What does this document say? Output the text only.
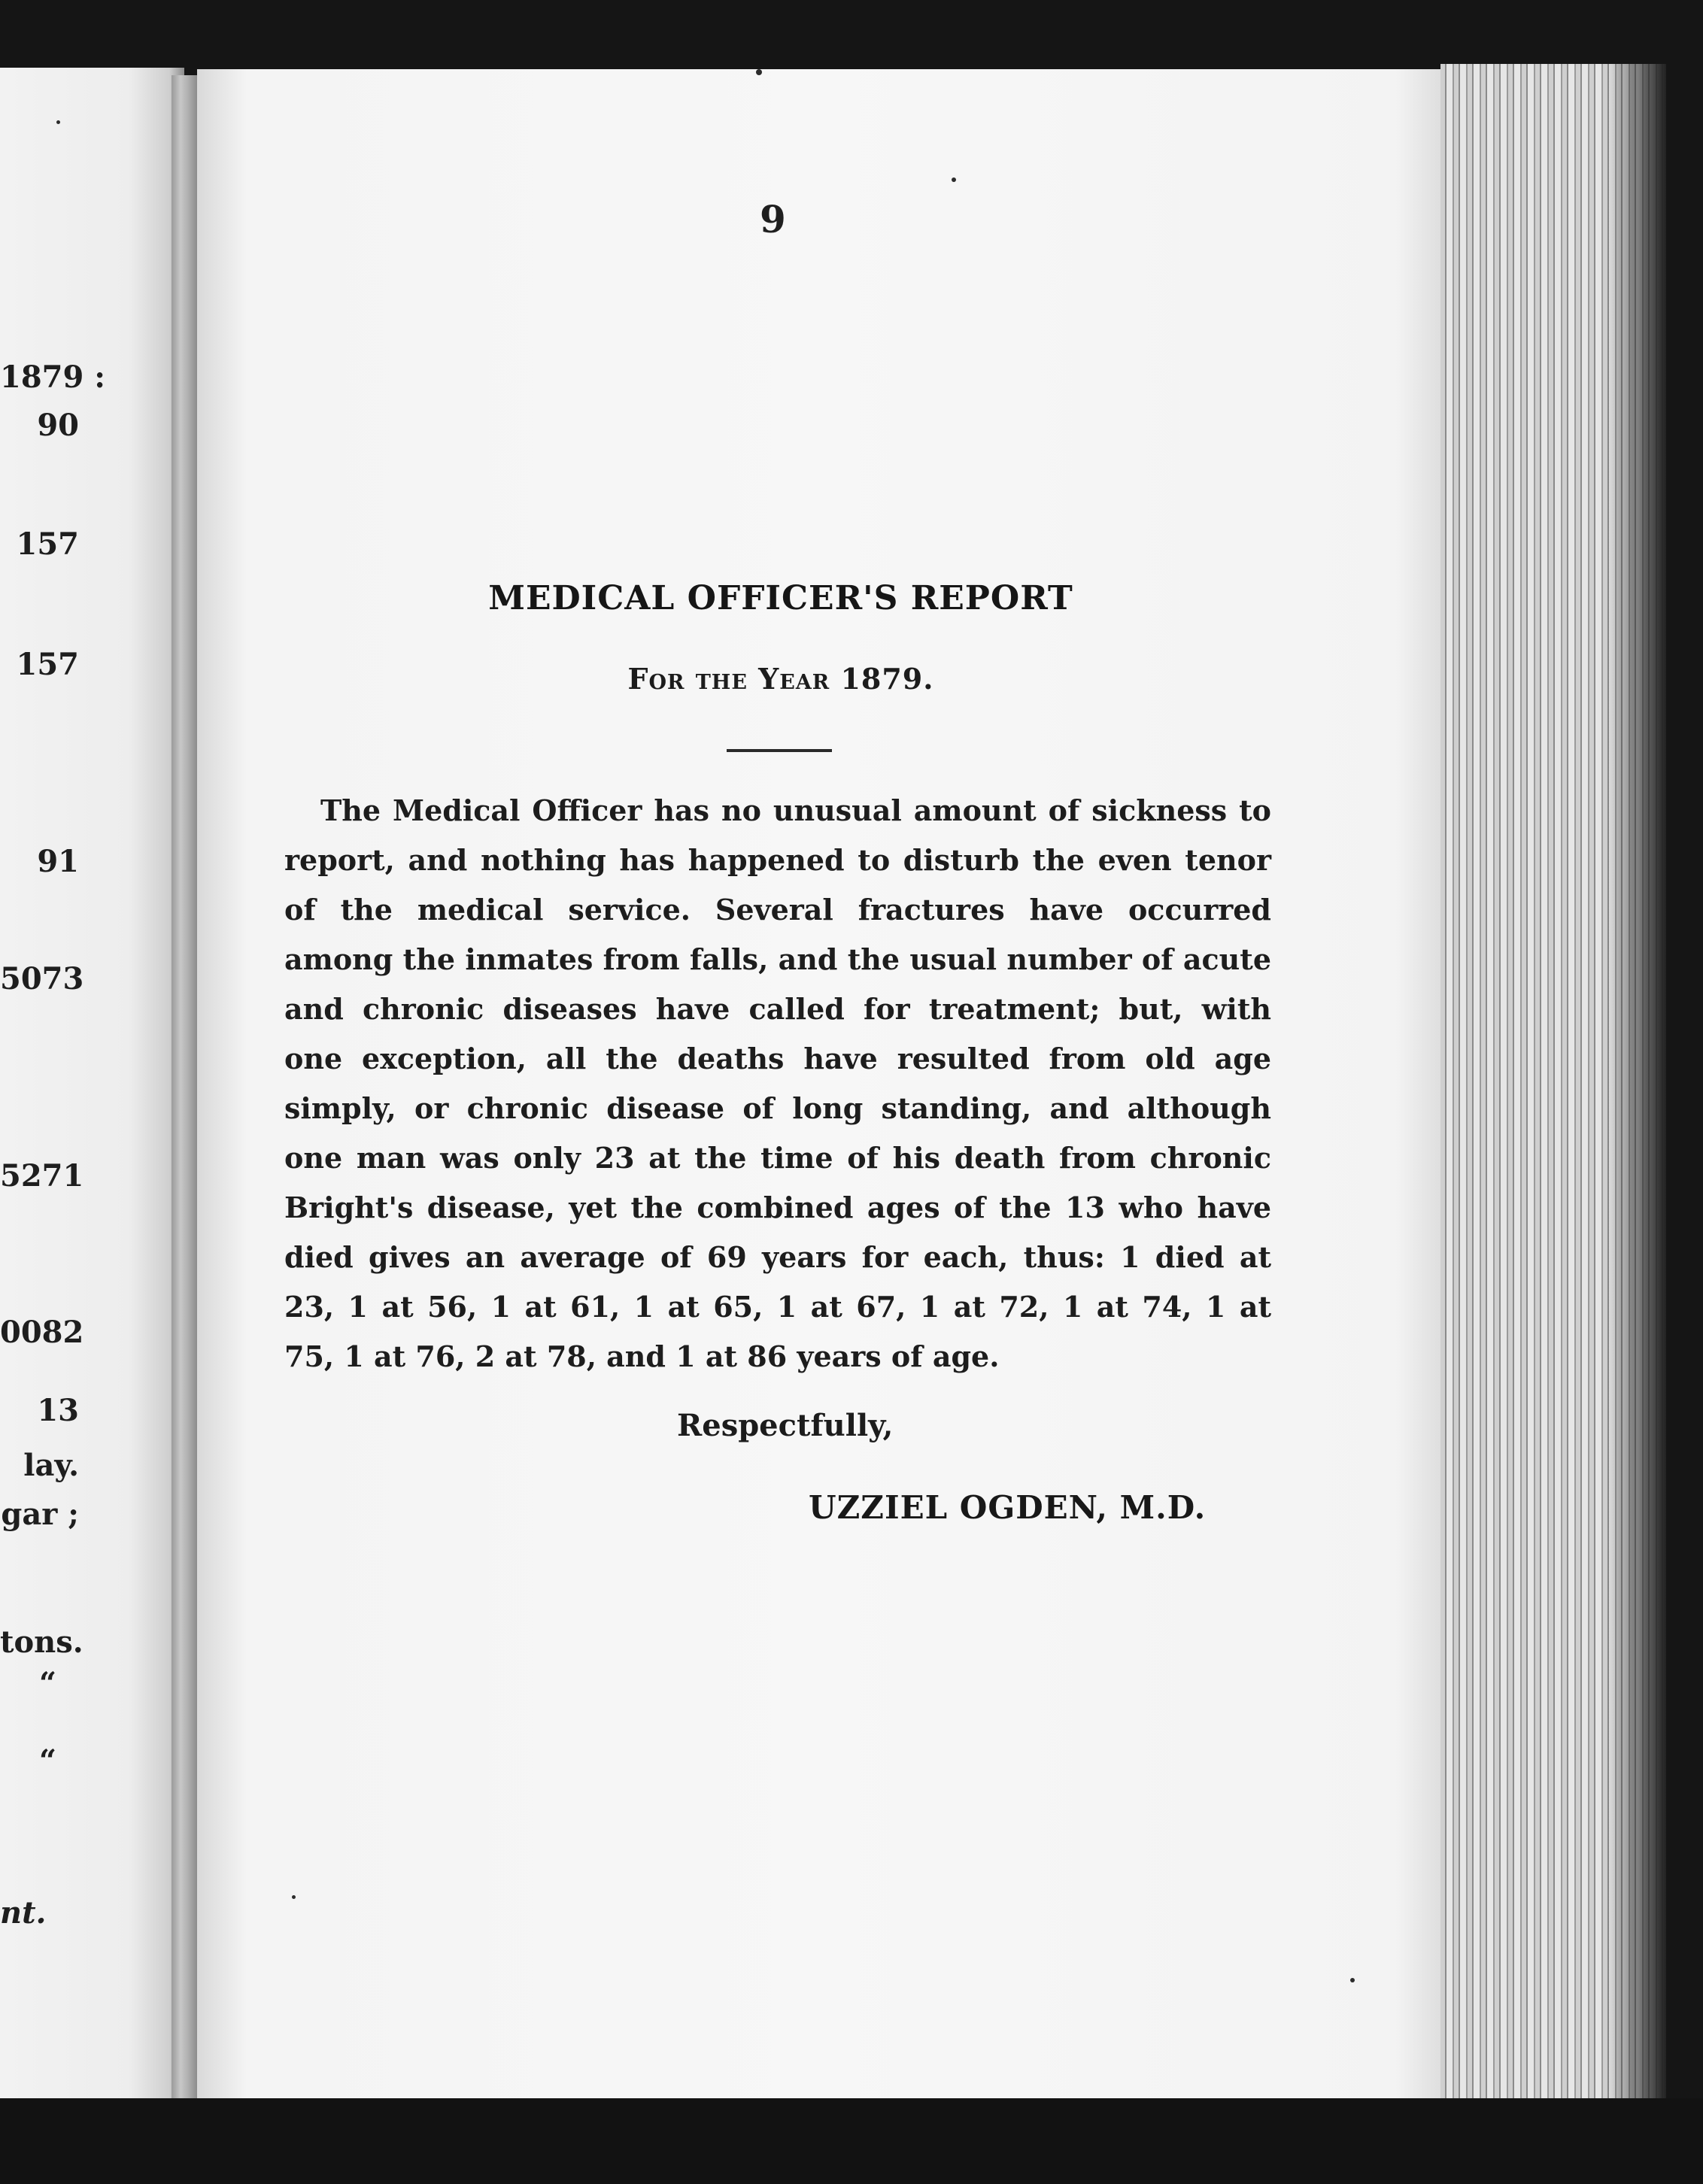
1879 :
90
157
157
91
5073
5271
0082
13
lay.
gar ;
tons.
“
“
nt.
9
MEDICAL OFFICER'S REPORT
For the Year 1879.
The Medical Officer has no unusual amount of sickness to
report, and nothing has happened to disturb the even tenor
of the medical service. Several fractures have occurred
among the inmates from falls, and the usual number of acute
and chronic diseases have called for treatment; but, with
one exception, all the deaths have resulted from old age
simply, or chronic disease of long standing, and although
one man was only 23 at the time of his death from chronic
Bright's disease, yet the combined ages of the 13 who have
died gives an average of 69 years for each, thus: 1 died at
23, 1 at 56, 1 at 61, 1 at 65, 1 at 67, 1 at 72, 1 at 74, 1 at
75, 1 at 76, 2 at 78, and 1 at 86 years of age.
Respectfully,
UZZIEL OGDEN, M.D.
